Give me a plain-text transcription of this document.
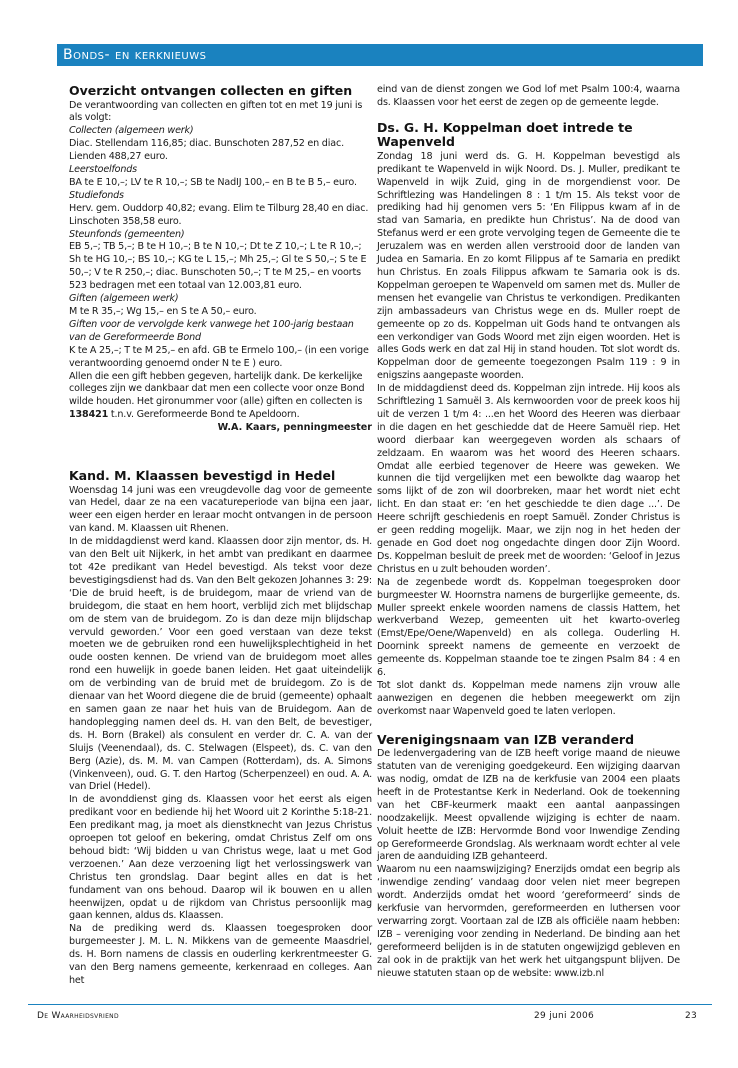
Bonds- en kerknieuws
Overzicht ontvangen collecten en giften

De verantwoording van collecten en giften tot en met 19 juni is als volgt:

Collecten (algemeen werk)

Diac. Stellendam 116,85; diac. Bunschoten 287,52 en diac. Lienden 488,27 euro.

Leerstoelfonds

BA te E 10,–; LV te R 10,–; SB te NadIJ 100,– en B te B 5,– euro.

Studiefonds

Herv. gem. Ouddorp 40,82; evang. Elim te Tilburg 28,40 en diac. Linschoten 358,58 euro.

Steunfonds (gemeenten)

EB 5,–; TB 5,–; B te H 10,–; B te N 10,–; Dt te Z 10,–; L te R 10,–; Sh te HG 10,–; BS 10,–; KG te L 15,–; Mh 25,–; Gl te S 50,–; S te E 50,–; V te R 250,–; diac. Bunschoten 50,–; T te M 25,– en voorts 523 bedragen met een totaal van 12.003,81 euro.

Giften (algemeen werk)

M te R 35,–; Wg 15,– en S te A 50,– euro.

Giften voor de vervolgde kerk vanwege het 100-jarig bestaan van de Gereformeerde Bond

K te A 25,–; T te M 25,– en afd. GB te Ermelo 100,– (in een vorige verantwoording genoemd onder N te E ) euro.

Allen die een gift hebben gegeven, hartelijk dank. De kerkelijke colleges zijn we dankbaar dat men een collecte voor onze Bond wilde houden. Het gironummer voor (alle) giften en collecten is 138421 t.n.v. Gereformeerde Bond te Apeldoorn.

W.A. Kaars, penningmeester

Kand. M. Klaassen bevestigd in Hedel

Woensdag 14 juni was een vreugdevolle dag voor de gemeente van Hedel, daar ze na een vacatureperiode van bijna een jaar, weer een eigen herder en leraar mocht ontvangen in de persoon van kand. M. Klaassen uit Rhenen.

In de middagdienst werd kand. Klaassen door zijn mentor, ds. H. van den Belt uit Nijkerk, in het ambt van predikant en daarmee tot 42e predikant van Hedel bevestigd. Als tekst voor deze bevestigingsdienst had ds. Van den Belt gekozen Johannes 3: 29: ‘Die de bruid heeft, is de bruidegom, maar de vriend van de bruidegom, die staat en hem hoort, verblijd zich met blijdschap om de stem van de bruidegom. Zo is dan deze mijn blijdschap vervuld geworden.’ Voor een goed verstaan van deze tekst moeten we de gebruiken rond een huwelijksplechtigheid in het oude oosten kennen. De vriend van de bruidegom moet alles rond een huwelijk in goede banen leiden. Het gaat uiteindelijk om de verbinding van de bruid met de bruidegom. Zo is de dienaar van het Woord diegene die de bruid (gemeente) ophaalt en samen gaan ze naar het huis van de Bruidegom. Aan de handoplegging namen deel ds. H. van den Belt, de bevestiger, ds. H. Born (Brakel) als consulent en verder dr. C. A. van der Sluijs (Veenendaal), ds. C. Stelwagen (Elspeet), ds. C. van den Berg (Azie), ds. M. M. van Campen (Rotterdam), ds. A. Simons (Vinkenveen), oud. G. T. den Hartog (Scherpenzeel) en oud. A. A. van Driel (Hedel).

In de avonddienst ging ds. Klaassen voor het eerst als eigen predikant voor en bediende hij het Woord uit 2 Korinthe 5:18-21. Een predikant mag, ja moet als dienstknecht van Jezus Christus oproepen tot geloof en bekering, omdat Christus Zelf om ons behoud bidt: ‘Wij bidden u van Christus wege, laat u met God verzoenen.’ Aan deze verzoening ligt het verlossingswerk van Christus ten grondslag. Daar begint alles en dat is het fundament van ons behoud. Daarop wil ik bouwen en u allen heenwijzen, opdat u de rijkdom van Christus persoonlijk mag gaan kennen, aldus ds. Klaassen.

Na de prediking werd ds. Klaassen toegesproken door burgemeester J. M. L. N. Mikkens van de gemeente Maasdriel, ds. H. Born namens de classis en ouderling kerkrentmeester G. van den Berg namens gemeente, kerkenraad en colleges. Aan het

eind van de dienst zongen we God lof met Psalm 100:4, waarna ds. Klaassen voor het eerst de zegen op de gemeente legde.

Ds. G. H. Koppelman doet intrede te Wapenveld

Zondag 18 juni werd ds. G. H. Koppelman bevestigd als predikant te Wapenveld in wijk Noord. Ds. J. Muller, predikant te Wapenveld in wijk Zuid, ging in de morgendienst voor. De Schriftlezing was Handelingen 8 : 1 t/m 15. Als tekst voor de prediking had hij genomen vers 5: ‘En Filippus kwam af in de stad van Samaria, en predikte hun Christus’. Na de dood van Stefanus werd er een grote vervolging tegen de Gemeente die te Jeruzalem was en werden allen verstrooid door de landen van Judea en Samaria. En zo komt Filippus af te Samaria en predikt hun Christus. En zoals Filippus afkwam te Samaria ook is ds. Koppelman geroepen te Wapenveld om samen met ds. Muller de mensen het evangelie van Christus te verkondigen. Predikanten zijn ambassadeurs van Christus wege en ds. Muller roept de gemeente op zo ds. Koppelman uit Gods hand te ontvangen als een verkondiger van Gods Woord met zijn eigen woorden. Het is alles Gods werk en dat zal Hij in stand houden. Tot slot wordt ds. Koppelman door de gemeente toegezongen Psalm 119 : 9 in enigszins aangepaste woorden.

In de middagdienst deed ds. Koppelman zijn intrede. Hij koos als Schriftlezing 1 Samuël 3. Als kernwoorden voor de preek koos hij uit de verzen 1 t/m 4: ...en het Woord des Heeren was dierbaar in die dagen en het geschiedde dat de Heere Samuël riep. Het woord dierbaar kan weergegeven worden als schaars of zeldzaam. En waarom was het woord des Heeren schaars. Omdat alle eerbied tegenover de Heere was geweken. We kunnen die tijd vergelijken met een bewolkte dag waarop het soms lijkt of de zon wil doorbreken, maar het wordt niet echt licht. En dan staat er: ‘en het geschiedde te dien dage ...’. De Heere schrijft geschiedenis en roept Samuël. Zonder Christus is er geen redding mogelijk. Maar, we zijn nog in het heden der genade en God doet nog ongedachte dingen door Zijn Woord. Ds. Koppelman besluit de preek met de woorden: ‘Geloof in Jezus Christus en u zult behouden worden’.

Na de zegenbede wordt ds. Koppelman toegesproken door burgmeester W. Hoornstra namens de burgerlijke gemeente, ds. Muller spreekt enkele woorden namens de classis Hattem, het werkverband Wezep, gemeenten uit het kwarto-overleg (Emst/Epe/Oene/Wapenveld) en als collega. Ouderling H. Doornink spreekt namens de gemeente en verzoekt de gemeente ds. Koppelman staande toe te zingen Psalm 84 : 4 en 6.

Tot slot dankt ds. Koppelman mede namens zijn vrouw alle aanwezigen en degenen die hebben meegewerkt om zijn overkomst naar Wapenveld goed te laten verlopen.

Verenigingsnaam van IZB veranderd

De ledenvergadering van de IZB heeft vorige maand de nieuwe statuten van de vereniging goedgekeurd. Een wijziging daarvan was nodig, omdat de IZB na de kerkfusie van 2004 een plaats heeft in de Protestantse Kerk in Nederland. Ook de toekenning van het CBF-keurmerk maakt een aantal aanpassingen noodzakelijk. Meest opvallende wijziging is echter de naam. Voluit heette de IZB: Hervormde Bond voor Inwendige Zending op Gereformeerde Grondslag. Als werknaam wordt echter al vele jaren de aanduiding IZB gehanteerd.

Waarom nu een naamswijziging? Enerzijds omdat een begrip als ‘inwendige zending’ vandaag door velen niet meer begrepen wordt. Anderzijds omdat het woord ‘gereformeerd’ sinds de kerkfusie van hervormden, gereformeerden en luthersen voor verwarring zorgt. Voortaan zal de IZB als officiële naam hebben: IZB – vereniging voor zending in Nederland. De binding aan het gereformeerd belijden is in de statuten ongewijzigd gebleven en zal ook in de praktijk van het werk het uitgangspunt blijven. De nieuwe statuten staan op de website: www.izb.nl

De Waarheidsvriend	29 juni 2006	23
